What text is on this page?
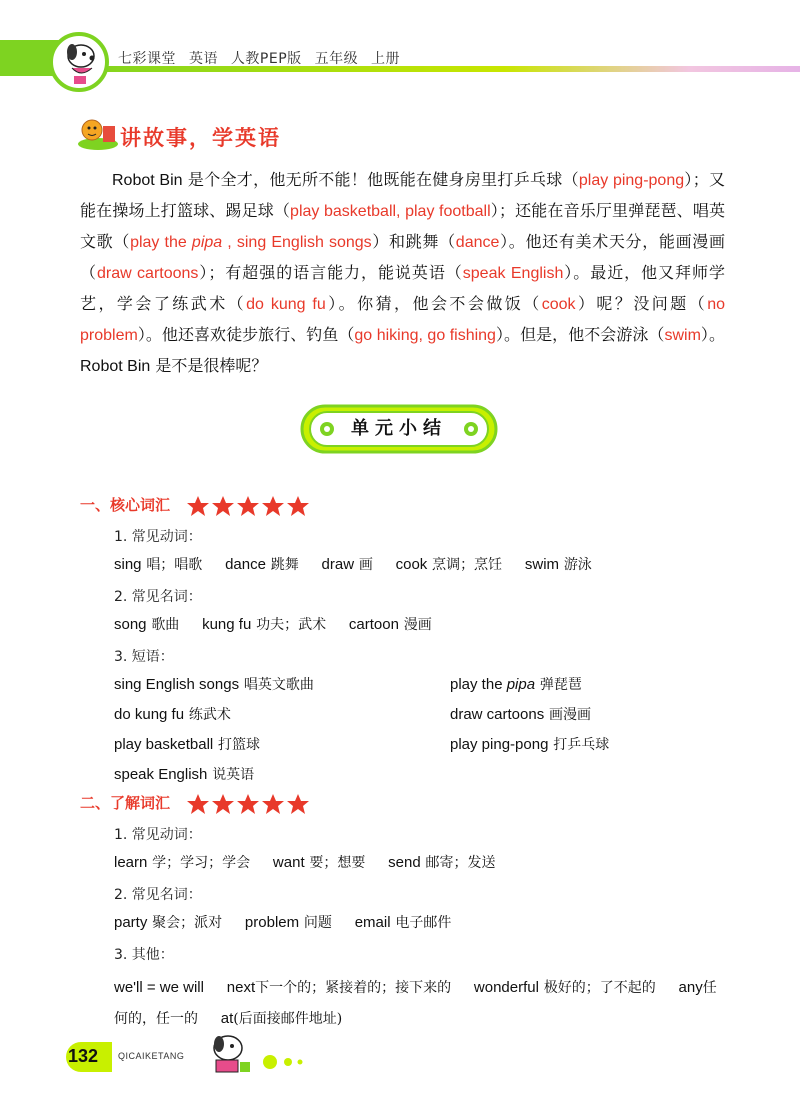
七彩课堂 英语 人教PEP版 五年级 上册
讲故事，学英语

Robot Bin 是个全才，他无所不能！他既能在健身房里打乒乓球（play ping-pong）；又能在操场上打篮球、踢足球（play basketball, play football）；还能在音乐厅里弹琵琶、唱英文歌（play the pipa , sing English songs）和跳舞（dance）。他还有美术天分，能画漫画（draw cartoons）；有超强的语言能力，能说英语（speak English）。最近，他又拜师学艺，学会了练武术（do kung fu）。你猜，他会不会做饭（cook）呢？没问题（no problem）。他还喜欢徒步旅行、钓鱼（go hiking, go fishing）。但是，他不会游泳（swim）。Robot Bin 是不是很棒呢？

单元小结
一、核心词汇
1. 常见动词：
sing 唱；唱歌 dance 跳舞 draw 画 cook 烹调；烹饪 swim 游泳
2. 常见名词：
song 歌曲 kung fu 功夫；武术 cartoon 漫画
3. 短语：
sing English songs 唱英文歌曲	play the pipa 弹琵琶
do kung fu 练武术	draw cartoons 画漫画
play basketball 打篮球	play ping-pong 打乒乓球
speak English 说英语
二、了解词汇
1. 常见动词：
learn 学；学习；学会 want 要；想要 send 邮寄；发送
2. 常见名词：
party 聚会；派对 problem 问题 email 电子邮件
3. 其他：
we'll = we will next下一个的；紧接着的；接下来的 wonderful 极好的；了不起的 any任何的，任一的 at(后面接邮件地址)
132 QICAIKETANG
